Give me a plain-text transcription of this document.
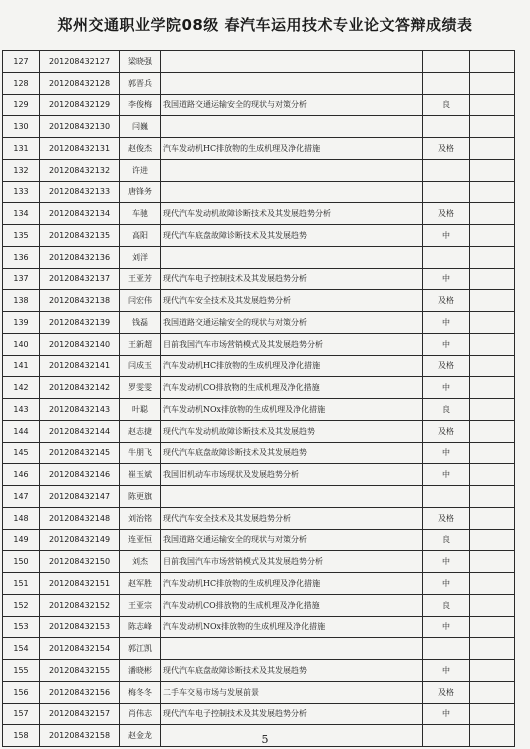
郑州交通职业学院08级 春汽车运用技术专业论文答辩成绩表
127	201208432127	梁晓强			
128	201208432128	郭晋兵			
129	201208432129	李俊梅	我国道路交通运输安全的现状与对策分析	良	
130	201208432130	闫巍			
131	201208432131	赵俊杰	汽车发动机HC排放物的生成机理及净化措施	及格	
132	201208432132	许进			
133	201208432133	唐锋务			
134	201208432134	车驰	现代汽车发动机故障诊断技术及其发展趋势分析	及格	
135	201208432135	高阳	现代汽车底盘故障诊断技术及其发展趋势	中	
136	201208432136	刘洋			
137	201208432137	王亚芳	现代汽车电子控制技术及其发展趋势分析	中	
138	201208432138	闫宏伟	现代汽车安全技术及其发展趋势分析	及格	
139	201208432139	钱磊	我国道路交通运输安全的现状与对策分析	中	
140	201208432140	王新超	目前我国汽车市场营销模式及其发展趋势分析	中	
141	201208432141	闫成玉	汽车发动机HC排放物的生成机理及净化措施	及格	
142	201208432142	罗雯雯	汽车发动机CO排放物的生成机理及净化措施	中	
143	201208432143	叶聪	汽车发动机NOx排放物的生成机理及净化措施	良	
144	201208432144	赵志捷	现代汽车发动机故障诊断技术及其发展趋势	及格	
145	201208432145	牛朋飞	现代汽车底盘故障诊断技术及其发展趋势	中	
146	201208432146	崔玉斌	我国旧机动车市场现状及发展趋势分析	中	
147	201208432147	陈更旗			
148	201208432148	刘治铭	现代汽车安全技术及其发展趋势分析	及格	
149	201208432149	连亚恒	我国道路交通运输安全的现状与对策分析	良	
150	201208432150	刘杰	目前我国汽车市场营销模式及其发展趋势分析	中	
151	201208432151	赵军胜	汽车发动机HC排放物的生成机理及净化措施	中	
152	201208432152	王亚宗	汽车发动机CO排放物的生成机理及净化措施	良	
153	201208432153	陈志峰	汽车发动机NOx排放物的生成机理及净化措施	中	
154	201208432154	郭江凯			
155	201208432155	潘晓彬	现代汽车底盘故障诊断技术及其发展趋势	中	
156	201208432156	梅冬冬	二手车交易市场与发展前景	及格	
157	201208432157	肖伟志	现代汽车电子控制技术及其发展趋势分析	中	
158	201208432158	赵金龙				5
